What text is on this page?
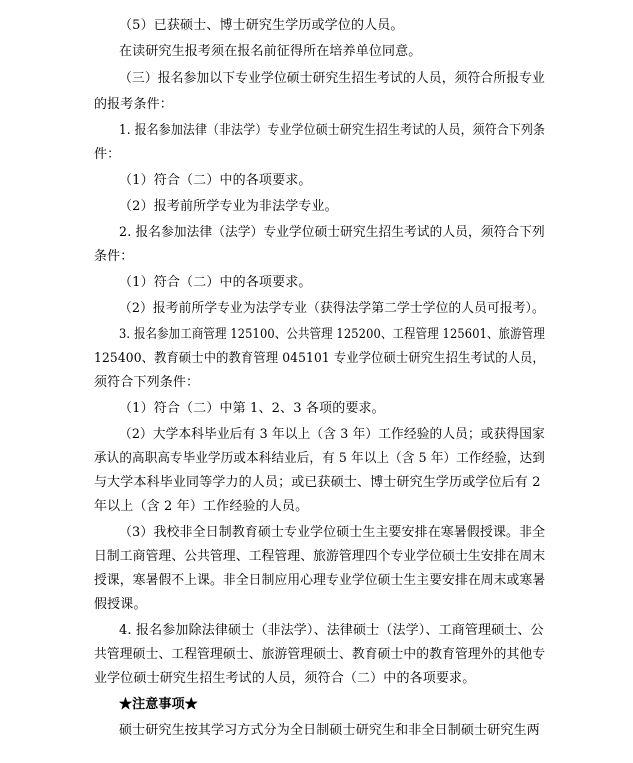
（5）已获硕士、博士研究生学历或学位的人员。
在读研究生报考须在报名前征得所在培养单位同意。
（三）报名参加以下专业学位硕士研究生招生考试的人员，须符合所报专业
的报考条件：
1. 报名参加法律（非法学）专业学位硕士研究生招生考试的人员，须符合下列条
件：
（1）符合（二）中的各项要求。
（2）报考前所学专业为非法学专业。
2. 报名参加法律（法学）专业学位硕士研究生招生考试的人员，须符合下列
条件：
（1）符合（二）中的各项要求。
（2）报考前所学专业为法学专业（获得法学第二学士学位的人员可报考）。
3. 报名参加工商管理 125100、公共管理 125200、工程管理 125601、旅游管理
125400、教育硕士中的教育管理 045101 专业学位硕士研究生招生考试的人员，
须符合下列条件：
（1）符合（二）中第 1、2、3 各项的要求。
（2）大学本科毕业后有 3 年以上（含 3 年）工作经验的人员；或获得国家
承认的高职高专毕业学历或本科结业后，有 5 年以上（含 5 年）工作经验，达到
与大学本科毕业同等学力的人员；或已获硕士、博士研究生学历或学位后有 2
年以上（含 2 年）工作经验的人员。
（3）我校非全日制教育硕士专业学位硕士生主要安排在寒暑假授课。非全
日制工商管理、公共管理、工程管理、旅游管理四个专业学位硕士生安排在周末
授课，寒暑假不上课。非全日制应用心理专业学位硕士生主要安排在周末或寒暑
假授课。
4. 报名参加除法律硕士（非法学）、法律硕士（法学）、工商管理硕士、公
共管理硕士、工程管理硕士、旅游管理硕士、教育硕士中的教育管理外的其他专
业学位硕士研究生招生考试的人员，须符合（二）中的各项要求。
★注意事项★
硕士研究生按其学习方式分为全日制硕士研究生和非全日制硕士研究生两
